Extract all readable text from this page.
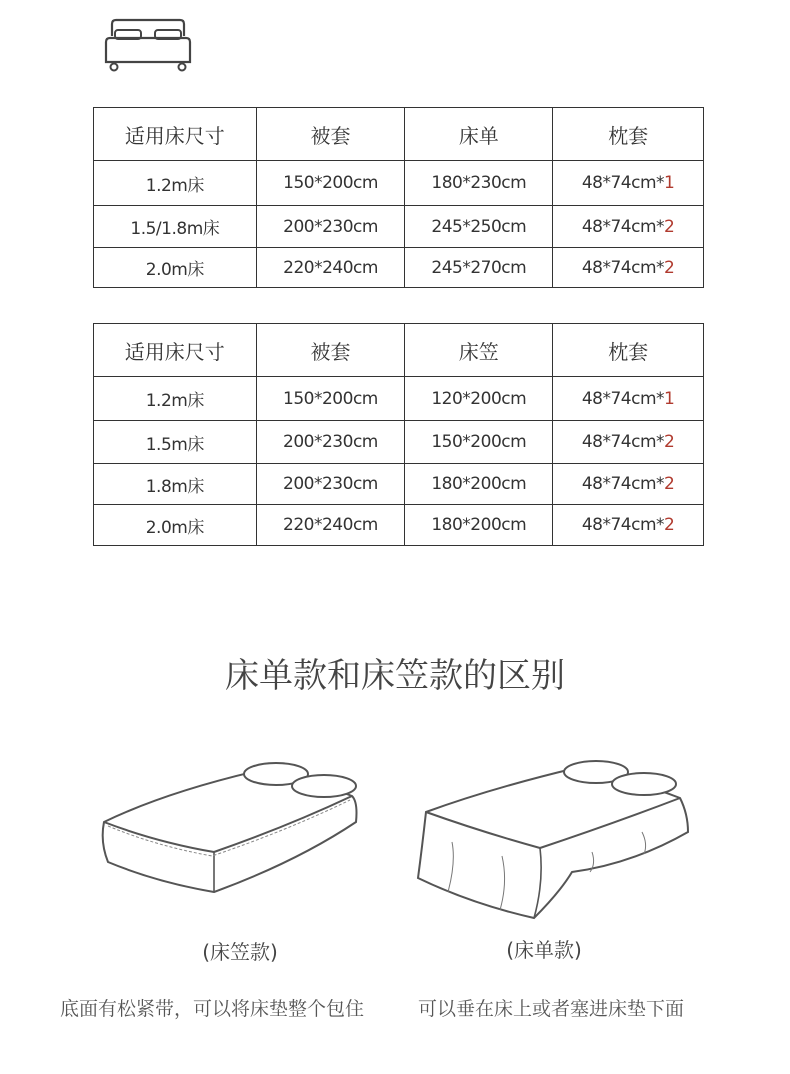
适用床尺寸	被套	床单	枕套
1.2m床	150*200cm	180*230cm	48*74cm*1
1.5/1.8m床	200*230cm	245*250cm	48*74cm*2
2.0m床	220*240cm	245*270cm	48*74cm*2
适用床尺寸	被套	床笠	枕套
1.2m床	150*200cm	120*200cm	48*74cm*1
1.5m床	200*230cm	150*200cm	48*74cm*2
1.8m床	200*230cm	180*200cm	48*74cm*2
2.0m床	220*240cm	180*200cm	48*74cm*2
床单款和床笠款的区别
(床笠款)	(床单款)
底面有松紧带，可以将床垫整个包住	可以垂在床上或者塞进床垫下面
